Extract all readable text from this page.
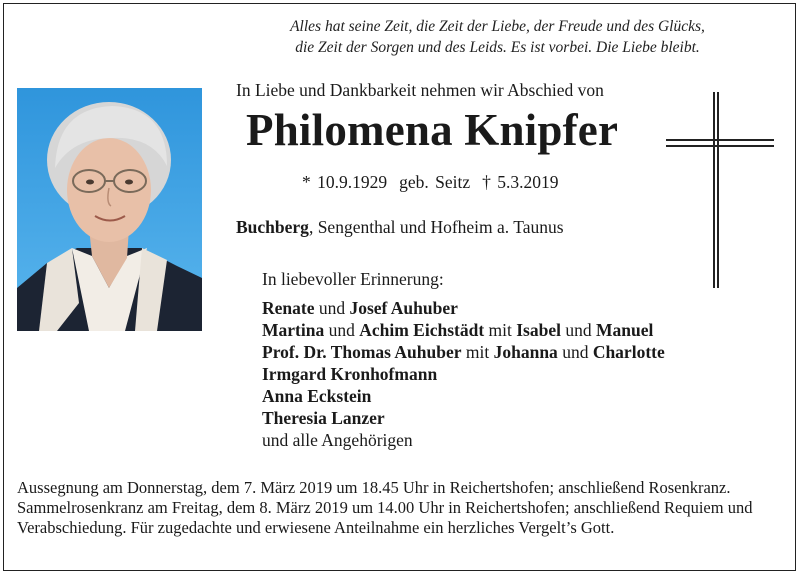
Alles hat seine Zeit, die Zeit der Liebe, der Freude und des Glücks,
die Zeit der Sorgen und des Leids. Es ist vorbei. Die Liebe bleibt.
In Liebe und Dankbarkeit nehmen wir Abschied von
Philomena Knipfer
* 10.9.1929 geb. Seitz † 5.3.2019
Buchberg, Sengenthal und Hofheim a. Taunus
In liebevoller Erinnerung:
Renate und Josef Auhuber
Martina und Achim Eichstädt mit Isabel und Manuel
Prof. Dr. Thomas Auhuber mit Johanna und Charlotte
Irmgard Kronhofmann
Anna Eckstein
Theresia Lanzer
und alle Angehörigen
Aussegnung am Donnerstag, dem 7. März 2019 um 18.45 Uhr in Reichertshofen; anschließend Rosenkranz.
Sammelrosenkranz am Freitag, dem 8. März 2019 um 14.00 Uhr in Reichertshofen; anschließend Requiem und Verabschiedung. Für zugedachte und erwiesene Anteilnahme ein herzliches Vergelt’s Gott.
